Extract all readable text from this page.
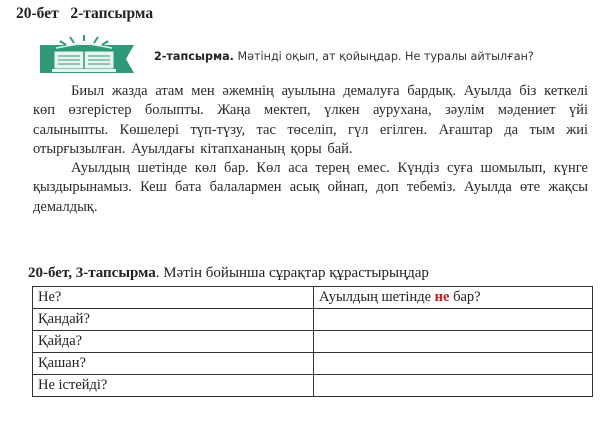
20-бет   2-тапсырма
2-тапсырма. Мәтінді оқып, ат қойыңдар. Не туралы айтылған?

Биыл жазда атам мен әжемнің ауылына демалуға бардық. Ауылда біз кеткелі көп өзгерістер болыпты. Жаңа мектеп, үлкен аурухана, зәулім мәдениет үйі салыныпты. Көшелері түп-түзу, тас төселіп, гүл егілген. Ағаштар да тым жиі отырғызылған. Ауылдағы кітапхананың қоры бай.

Ауылдың шетінде көл бар. Көл аса терең емес. Күндіз суға шомылып, күнге қыздырынамыз. Кеш бата балалармен асық ойнап, доп тебеміз. Ауылда өте жақсы демалдық.

20-бет, 3-тапсырма. Мәтін бойынша сұрақтар құрастырыңдар
Не?	Ауылдың шетінде не бар?
Қандай?	
Қайда?	
Қашан?	
Не істейді?	
